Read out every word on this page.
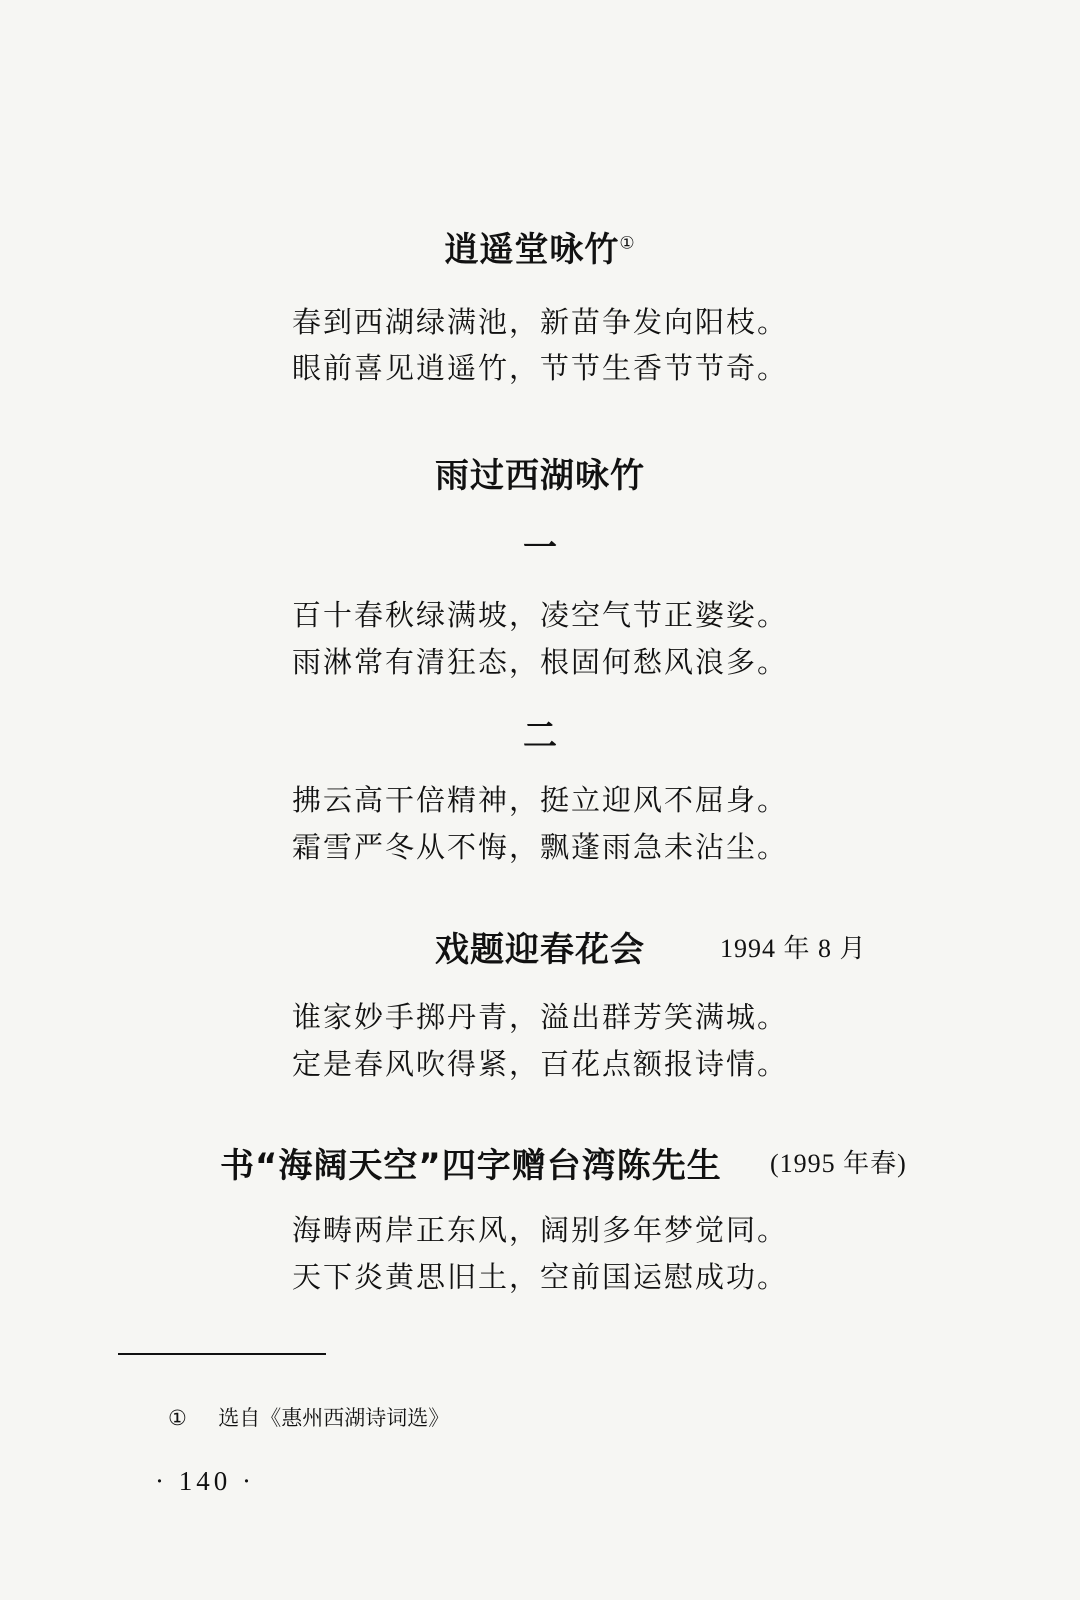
逍遥堂咏竹①
春到西湖绿满池，新苗争发向阳枝。
眼前喜见逍遥竹，节节生香节节奇。
雨过西湖咏竹
一
百十春秋绿满坡，凌空气节正婆娑。
雨淋常有清狂态，根固何愁风浪多。
二
拂云高干倍精神，挺立迎风不屈身。
霜雪严冬从不悔，飘蓬雨急未沾尘。
戏题迎春花会	1994 年 8 月
谁家妙手掷丹青，溢出群芳笑满城。
定是春风吹得紧，百花点额报诗情。
书“海阔天空”四字赠台湾陈先生 (1995 年春)
海畴两岸正东风，阔别多年梦觉同。
天下炎黄思旧土，空前国运慰成功。
① 选自《惠州西湖诗词选》
· 140 ·
